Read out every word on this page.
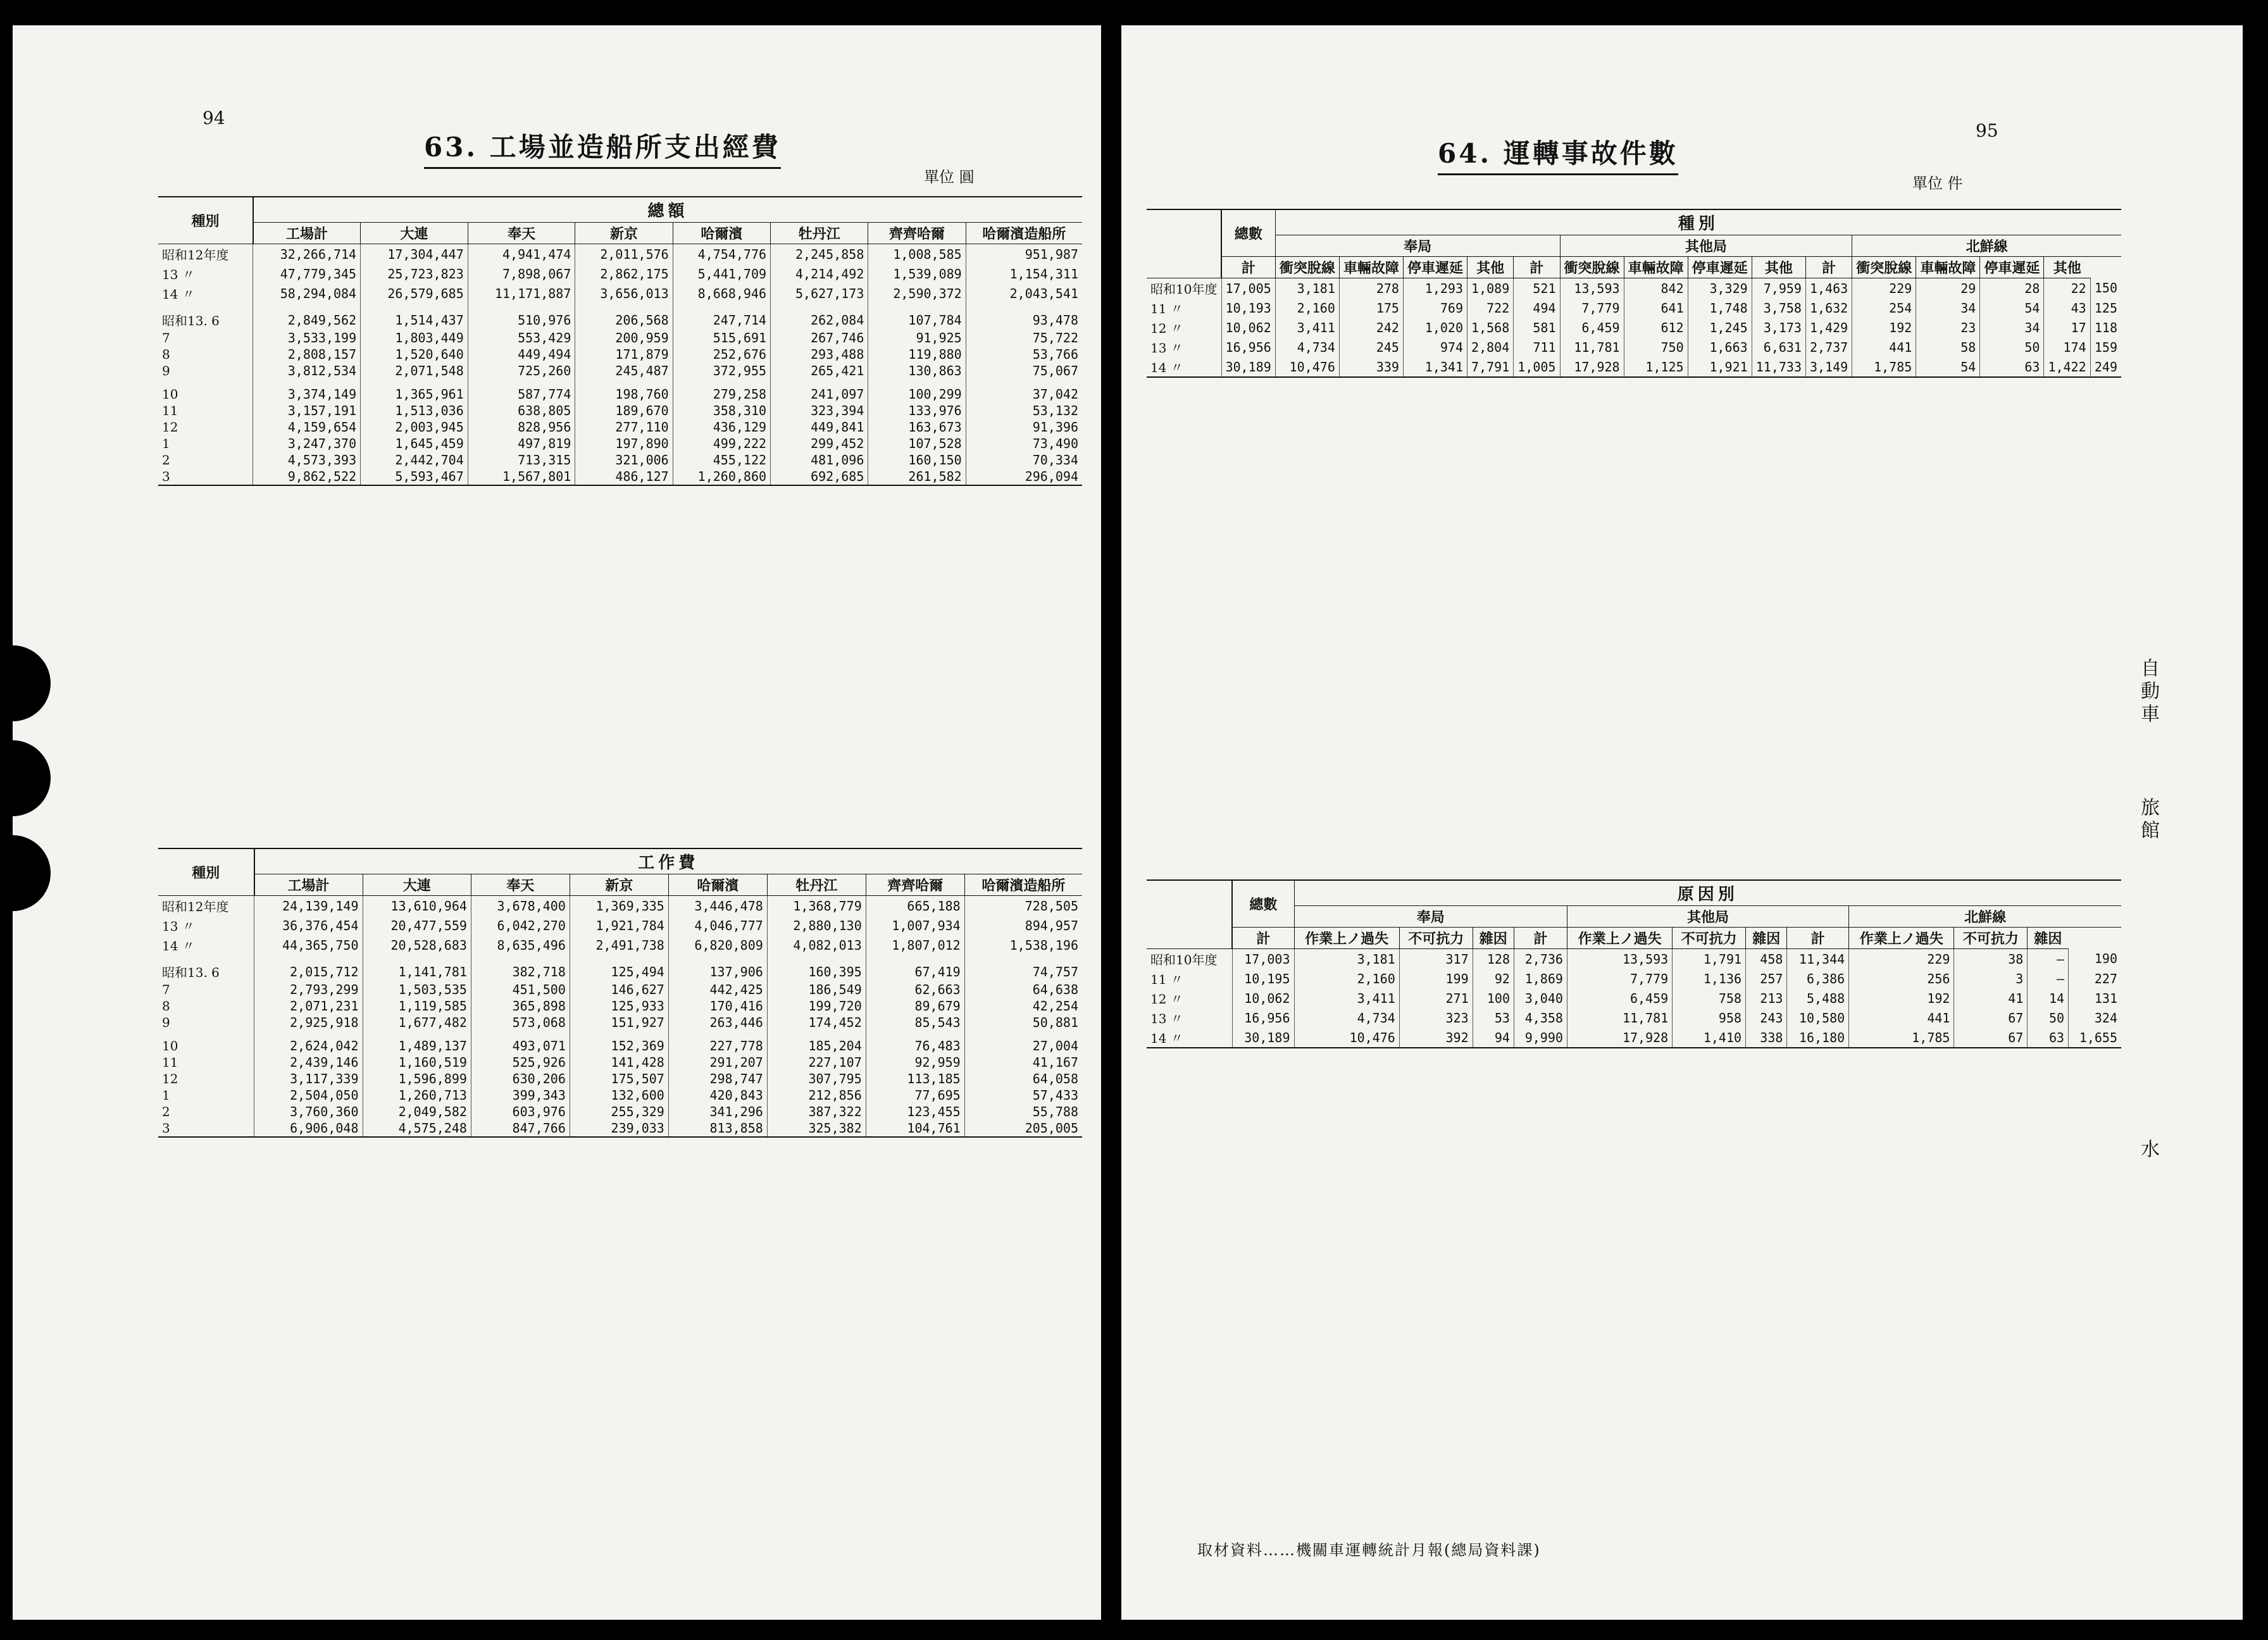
94
63. 工場並造船所支出經費
單位 圓
種別	總額							
	工場計	大連	奉天	新京	哈爾濱	牡丹江	齊齊哈爾	哈爾濱造船所
昭和12年度	32,266,714	17,304,447	4,941,474	2,011,576	4,754,776	2,245,858	1,008,585	951,987
13 〃	47,779,345	25,723,823	7,898,067	2,862,175	5,441,709	4,214,492	1,539,089	1,154,311
14 〃	58,294,084	26,579,685	11,171,887	3,656,013	8,668,946	5,627,173	2,590,372	2,043,541
昭和13. 6	2,849,562	1,514,437	510,976	206,568	247,714	262,084	107,784	93,478
7	3,533,199	1,803,449	553,429	200,959	515,691	267,746	91,925	75,722
8	2,808,157	1,520,640	449,494	171,879	252,676	293,488	119,880	53,766
9	3,812,534	2,071,548	725,260	245,487	372,955	265,421	130,863	75,067
10	3,374,149	1,365,961	587,774	198,760	279,258	241,097	100,299	37,042
11	3,157,191	1,513,036	638,805	189,670	358,310	323,394	133,976	53,132
12	4,159,654	2,003,945	828,956	277,110	436,129	449,841	163,673	91,396
1	3,247,370	1,645,459	497,819	197,890	499,222	299,452	107,528	73,490
2	4,573,393	2,442,704	713,315	321,006	455,122	481,096	160,150	70,334
3	9,862,522	5,593,467	1,567,801	486,127	1,260,860	692,685	261,582	296,094
種別	工作費							
	工場計	大連	奉天	新京	哈爾濱	牡丹江	齊齊哈爾	哈爾濱造船所
昭和12年度	24,139,149	13,610,964	3,678,400	1,369,335	3,446,478	1,368,779	665,188	728,505
13 〃	36,376,454	20,477,559	6,042,270	1,921,784	4,046,777	2,880,130	1,007,934	894,957
14 〃	44,365,750	20,528,683	8,635,496	2,491,738	6,820,809	4,082,013	1,807,012	1,538,196
昭和13. 6	2,015,712	1,141,781	382,718	125,494	137,906	160,395	67,419	74,757
7	2,793,299	1,503,535	451,500	146,627	442,425	186,549	62,663	64,638
8	2,071,231	1,119,585	365,898	125,933	170,416	199,720	89,679	42,254
9	2,925,918	1,677,482	573,068	151,927	263,446	174,452	85,543	50,881
10	2,624,042	1,489,137	493,071	152,369	227,778	185,204	76,483	27,004
11	2,439,146	1,160,519	525,926	141,428	291,207	227,107	92,959	41,167
12	3,117,339	1,596,899	630,206	175,507	298,747	307,795	113,185	64,058
1	2,504,050	1,260,713	399,343	132,600	420,843	212,856	77,695	57,433
2	3,760,360	2,049,582	603,976	255,329	341,296	387,322	123,455	55,788
3	6,906,048	4,575,248	847,766	239,033	813,858	325,382	104,761	205,005
95
64. 運轉事故件數
單位 件
	總數	種別														
		奉局					其他局					北鮮線				
	計	衝突脫線	車輛故障	停車遲延	其他	計	衝突脫線	車輛故障	停車遲延	其他	計	衝突脫線	車輛故障	停車遲延	其他	
昭和10年度	17,005	3,181	278	1,293	1,089	521	13,593	842	3,329	7,959	1,463	229	29	28	22	150
11 〃	10,193	2,160	175	769	722	494	7,779	641	1,748	3,758	1,632	254	34	54	43	125
12 〃	10,062	3,411	242	1,020	1,568	581	6,459	612	1,245	3,173	1,429	192	23	34	17	118
13 〃	16,956	4,734	245	974	2,804	711	11,781	750	1,663	6,631	2,737	441	58	50	174	159
14 〃	30,189	10,476	339	1,341	7,791	1,005	17,928	1,125	1,921	11,733	3,149	1,785	54	63	1,422	249
	總數	原因別											
		奉局				其他局				北鮮線			
	計	作業上ノ過失	不可抗力	雜因	計	作業上ノ過失	不可抗力	雜因	計	作業上ノ過失	不可抗力	雜因	
昭和10年度	17,003	3,181	317	128	2,736	13,593	1,791	458	11,344	229	38	—	190
11 〃	10,195	2,160	199	92	1,869	7,779	1,136	257	6,386	256	3	—	227
12 〃	10,062	3,411	271	100	3,040	6,459	758	213	5,488	192	41	14	131
13 〃	16,956	4,734	323	53	4,358	11,781	958	243	10,580	441	67	50	324
14 〃	30,189	10,476	392	94	9,990	17,928	1,410	338	16,180	1,785	67	63	1,655
取材資料……機關車運轉統計月報(總局資料課)
自動車
旅館
水
